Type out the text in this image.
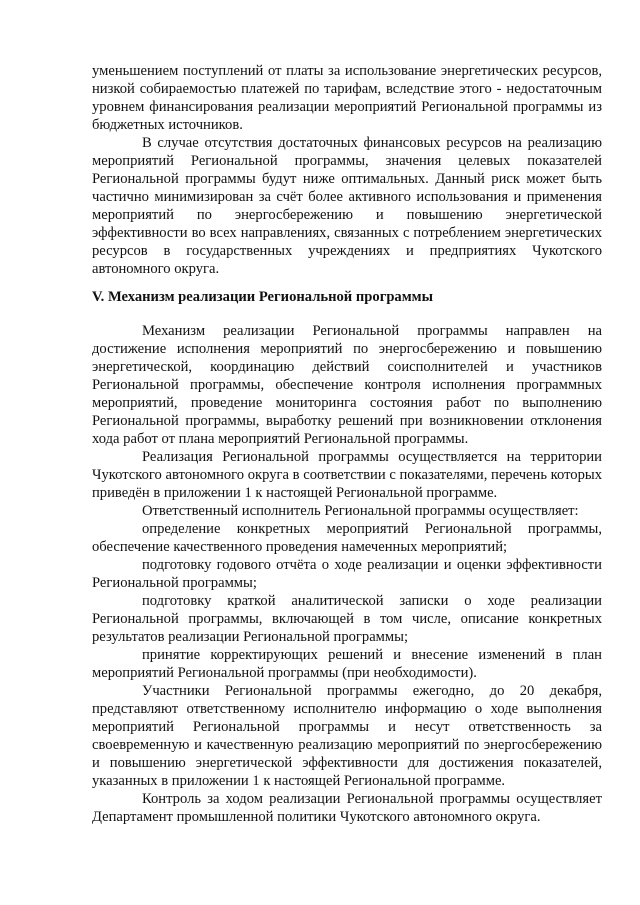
уменьшением поступлений от платы за использование энергетических ресурсов, низкой собираемостью платежей по тарифам, вследствие этого - недостаточным уровнем финансирования реализации мероприятий Региональной программы из бюджетных источников.

В случае отсутствия достаточных финансовых ресурсов на реализацию мероприятий Региональной программы, значения целевых показателей Региональной программы будут ниже оптимальных. Данный риск может быть частично минимизирован за счёт более активного использования и применения мероприятий по энергосбережению и повышению энергетической эффективности во всех направлениях, связанных с потреблением энергетических ресурсов в государственных учреждениях и предприятиях Чукотского автономного округа.

V. Механизм реализации Региональной программы

Механизм реализации Региональной программы направлен на достижение исполнения мероприятий по энергосбережению и повышению энергетической, координацию действий соисполнителей и участников Региональной программы, обеспечение контроля исполнения программных мероприятий, проведение мониторинга состояния работ по выполнению Региональной программы, выработку решений при возникновении отклонения хода работ от плана мероприятий Региональной программы.

Реализация Региональной программы осуществляется на территории Чукотского автономного округа в соответствии с показателями, перечень которых приведён в приложении 1 к настоящей Региональной программе.

Ответственный исполнитель Региональной программы осуществляет:

определение конкретных мероприятий Региональной программы, обеспечение качественного проведения намеченных мероприятий;

подготовку годового отчёта о ходе реализации и оценки эффективности Региональной программы;

подготовку краткой аналитической записки о ходе реализации Региональной программы, включающей в том числе, описание конкретных результатов реализации Региональной программы;

принятие корректирующих решений и внесение изменений в план мероприятий Региональной программы (при необходимости).

Участники Региональной программы ежегодно, до 20 декабря, представляют ответственному исполнителю информацию о ходе выполнения мероприятий Региональной программы и несут ответственность за своевременную и качественную реализацию мероприятий по энергосбережению и повышению энергетической эффективности для достижения показателей, указанных в приложении 1 к настоящей Региональной программе.

Контроль за ходом реализации Региональной программы осуществляет Департамент промышленной политики Чукотского автономного округа.
